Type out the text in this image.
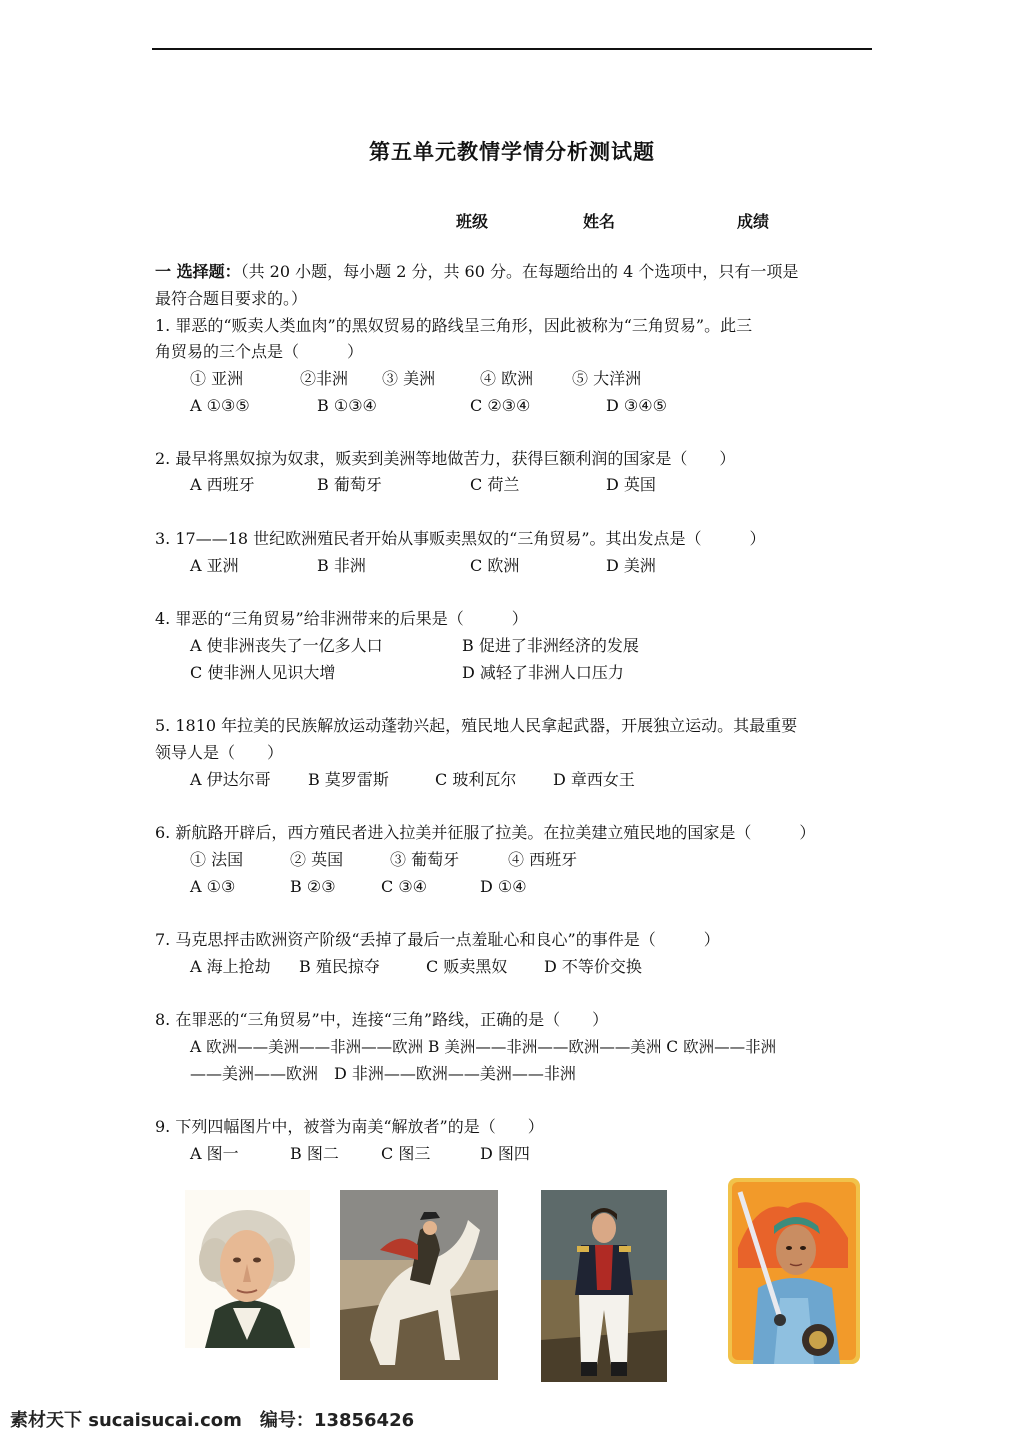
第五单元教情学情分析测试题
班级	姓名	成绩
一 选择题：（共 20 小题，每小题 2 分，共 60 分。在每题给出的 4 个选项中，只有一项是
最符合题目要求的。）
1. 罪恶的“贩卖人类血肉”的黑奴贸易的路线呈三角形，因此被称为“三角贸易”。此三
角贸易的三个点是（　　　）
① 亚洲	②非洲 ③ 美洲	④ 欧洲 ⑤ 大洋洲
A ①③⑤	B ①③④	C ②③④	D ③④⑤
2. 最早将黑奴掠为奴隶，贩卖到美洲等地做苦力，获得巨额利润的国家是（　　）
A 西班牙	B 葡萄牙	C 荷兰	D 英国
3. 17——18 世纪欧洲殖民者开始从事贩卖黑奴的“三角贸易”。其出发点是（　　　）
A 亚洲	B 非洲	C 欧洲	D 美洲
4. 罪恶的“三角贸易”给非洲带来的后果是（　　　）
A 使非洲丧失了一亿多人口	B 促进了非洲经济的发展
C 使非洲人见识大增	D 减轻了非洲人口压力
5. 1810 年拉美的民族解放运动蓬勃兴起，殖民地人民拿起武器，开展独立运动。其最重要
领导人是（　　）
A 伊达尔哥 B 莫罗雷斯	C 玻利瓦尔 D 章西女王
6. 新航路开辟后，西方殖民者进入拉美并征服了拉美。在拉美建立殖民地的国家是（　　　）
① 法国	② 英国	③ 葡萄牙	④ 西班牙
A ①③	B ②③	C ③④	D ①④
7. 马克思抨击欧洲资产阶级“丢掉了最后一点羞耻心和良心”的事件是（　　　）
A 海上抢劫 B 殖民掠夺	C 贩卖黑奴 D 不等价交换
8. 在罪恶的“三角贸易”中，连接“三角”路线，正确的是（　　）
A 欧洲——美洲——非洲——欧洲 B 美洲——非洲——欧洲——美洲 C 欧洲——非洲
——美洲——欧洲　D 非洲——欧洲——美洲——非洲
9. 下列四幅图片中，被誉为南美“解放者”的是（　　）
A 图一	B 图二	C 图三	D 图四
素材天下 sucaisucai.com　编号：13856426
